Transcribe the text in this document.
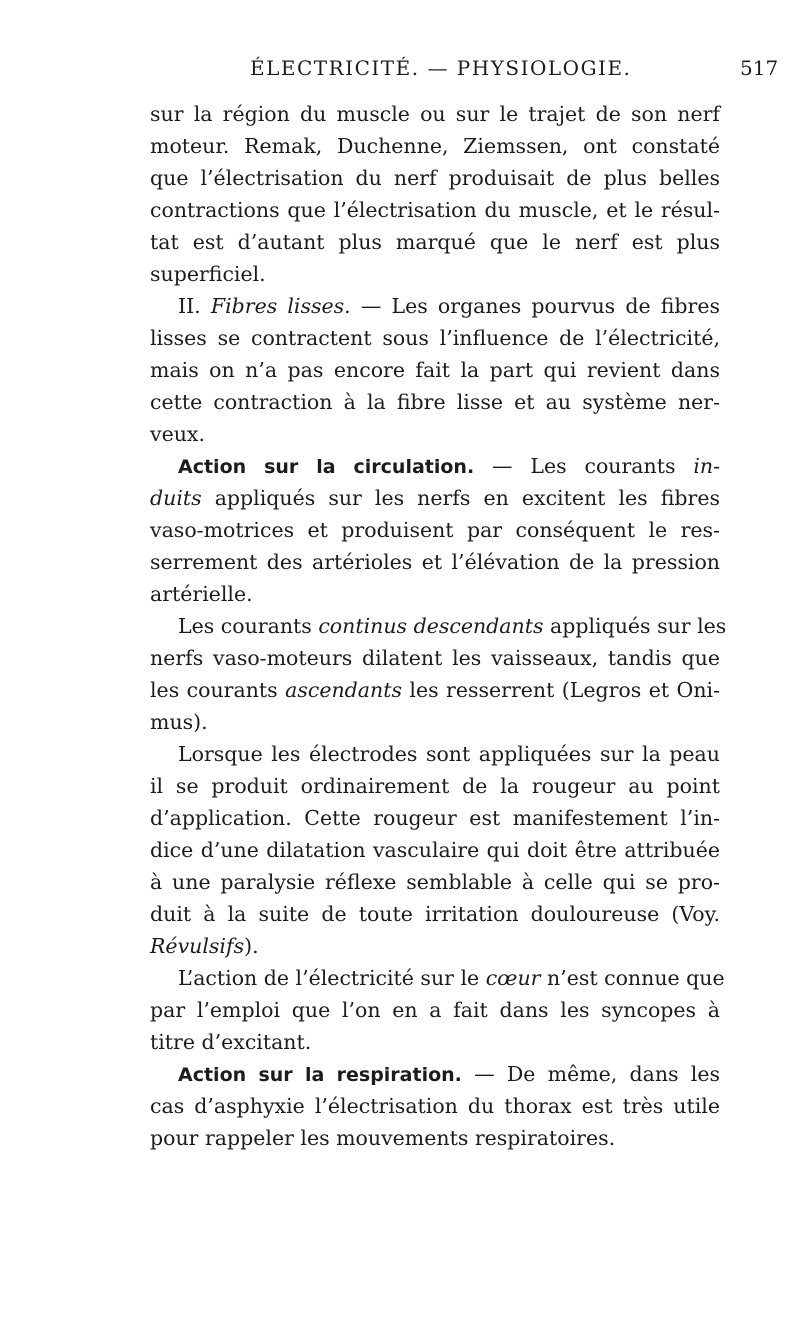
ÉLECTRICITÉ. — PHYSIOLOGIE.	517
sur la région du muscle ou sur le trajet de son nerf
moteur. Remak, Duchenne, Ziemssen, ont constaté
que l’électrisation du nerf produisait de plus belles
contractions que l’électrisation du muscle, et le résul-
tat est d’autant plus marqué que le nerf est plus
superficiel.
II. Fibres lisses. — Les organes pourvus de fibres
lisses se contractent sous l’influence de l’électricité,
mais on n’a pas encore fait la part qui revient dans
cette contraction à la fibre lisse et au système ner-
veux.
Action sur la circulation. — Les courants in-
duits appliqués sur les nerfs en excitent les fibres
vaso-motrices et produisent par conséquent le res-
serrement des artérioles et l’élévation de la pression
artérielle.
Les courants continus descendants appliqués sur les
nerfs vaso-moteurs dilatent les vaisseaux, tandis que
les courants ascendants les resserrent (Legros et Oni-
mus).
Lorsque les électrodes sont appliquées sur la peau
il se produit ordinairement de la rougeur au point
d’application. Cette rougeur est manifestement l’in-
dice d’une dilatation vasculaire qui doit être attribuée
à une paralysie réflexe semblable à celle qui se pro-
duit à la suite de toute irritation douloureuse (Voy.
Révulsifs).
L’action de l’électricité sur le cœur n’est connue que
par l’emploi que l’on en a fait dans les syncopes à
titre d’excitant.
Action sur la respiration. — De même, dans les
cas d’asphyxie l’électrisation du thorax est très utile
pour rappeler les mouvements respiratoires.
